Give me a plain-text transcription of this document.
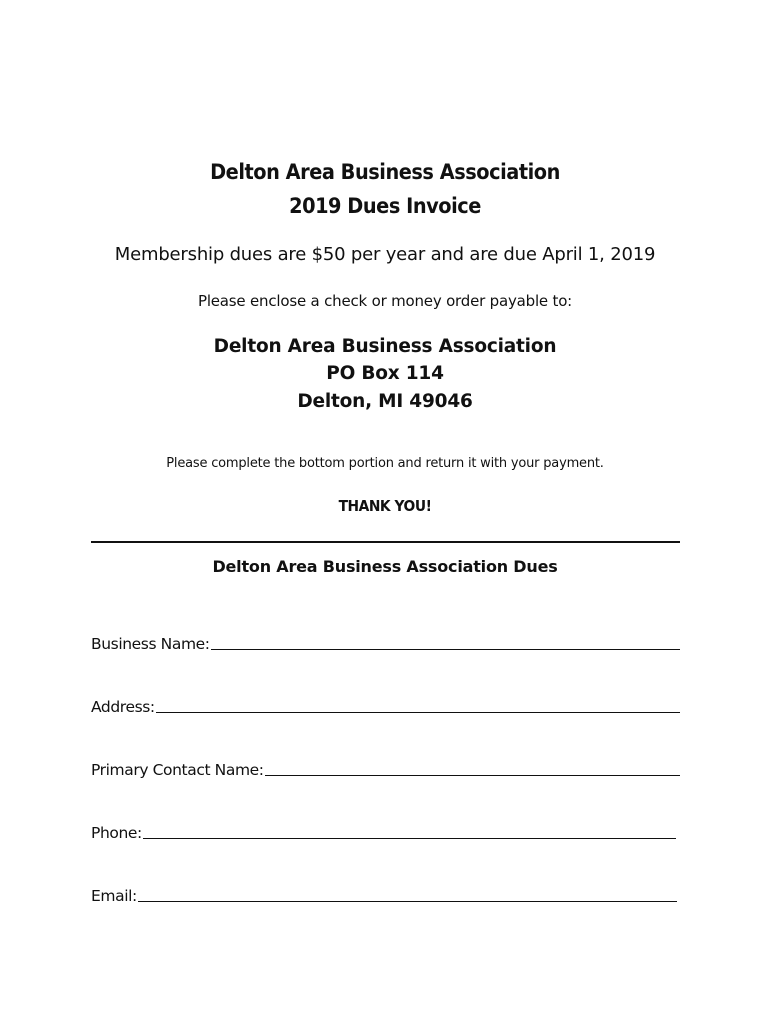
Delton Area Business Association
2019 Dues Invoice
Membership dues are $50 per year and are due April 1, 2019
Please enclose a check or money order payable to:
Delton Area Business Association
PO Box 114
Delton, MI 49046
Please complete the bottom portion and return it with your payment.
THANK YOU!
Delton Area Business Association Dues
Business Name:
Address:
Primary Contact Name:
Phone:
Email:
